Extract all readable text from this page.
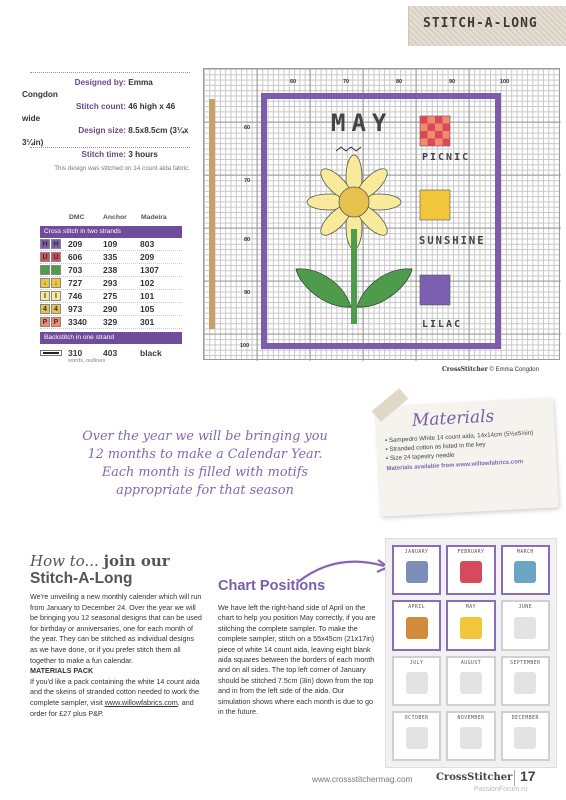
STITCH-A-LONG
Designed by: Emma Congdon
Stitch count: 46 high x 46 wide
Design size: 8.5x8.5cm (3¼x 3¼in)
Stitch time: 3 hours
This design was stitched on 14 count aida fabric.
DMC	Anchor	Madeira
Cross stitch in two strands
H H 209	109	803
U U 606	335	209
703	238	1307
↓	↓	727	293	102
I	I	746	275	101
4	4	973	290	105
P P	3340	329	301
Backstitch in one strand
310	403	black
words, outlines
MAY
PICNIC
SUNSHINE
LILAC
CrossStitcher © Emma Congdon
60	70	80	90	100
60
70
80
90
100
Over the year we will be bringing you
12 months to make a Calendar Year.
Each month is filled with motifs
appropriate for that season
Materials
• Sampedro White 14 count aida, 14x14cm (5½x5½in)
• Stranded cotton as listed in the key
• Size 24 tapestry needle
Materials available from www.willowfabrics.com
How to... join our
Stitch-A-Long

We're unveiling a new monthly calender which will run from January to December 24. Over the year we will be bringing you 12 seasonal designs that can be used for birthday or anniversaries, one for each month of the year. They can be stitched as individual designs as we have done, or if you prefer stitch them all together to make a fun calendar.

MATERIALS PACK

If you'd like a pack containing the white 14 count aida and the skeins of stranded cotton needed to work the complete sampler, visit www.willowfabrics.com, and order for £27 plus P&P.

Chart Positions
We have left the right-hand side of April on the chart to help you position May correctly, if you are stitching the complete sampler. To make the complete sampler, stitch on a 55x45cm (21x17in) piece of white 14 count aida, leaving eight blank aida squares between the borders of each month and on all sides. The top left corner of January should be stitched 7.5cm (3in) down from the top and in from the left side of the aida. Our simulation shows where each month is due to go in the future.
JANUARY	FEBRUARY	MARCH
APRIL	MAY	JUNE
JULY	AUGUST	SEPTEMBER
OCTOBER	NOVEMBER	DECEMBER
www.crossstitchermag.com CrossStitcher 17
PassionForum.ru
